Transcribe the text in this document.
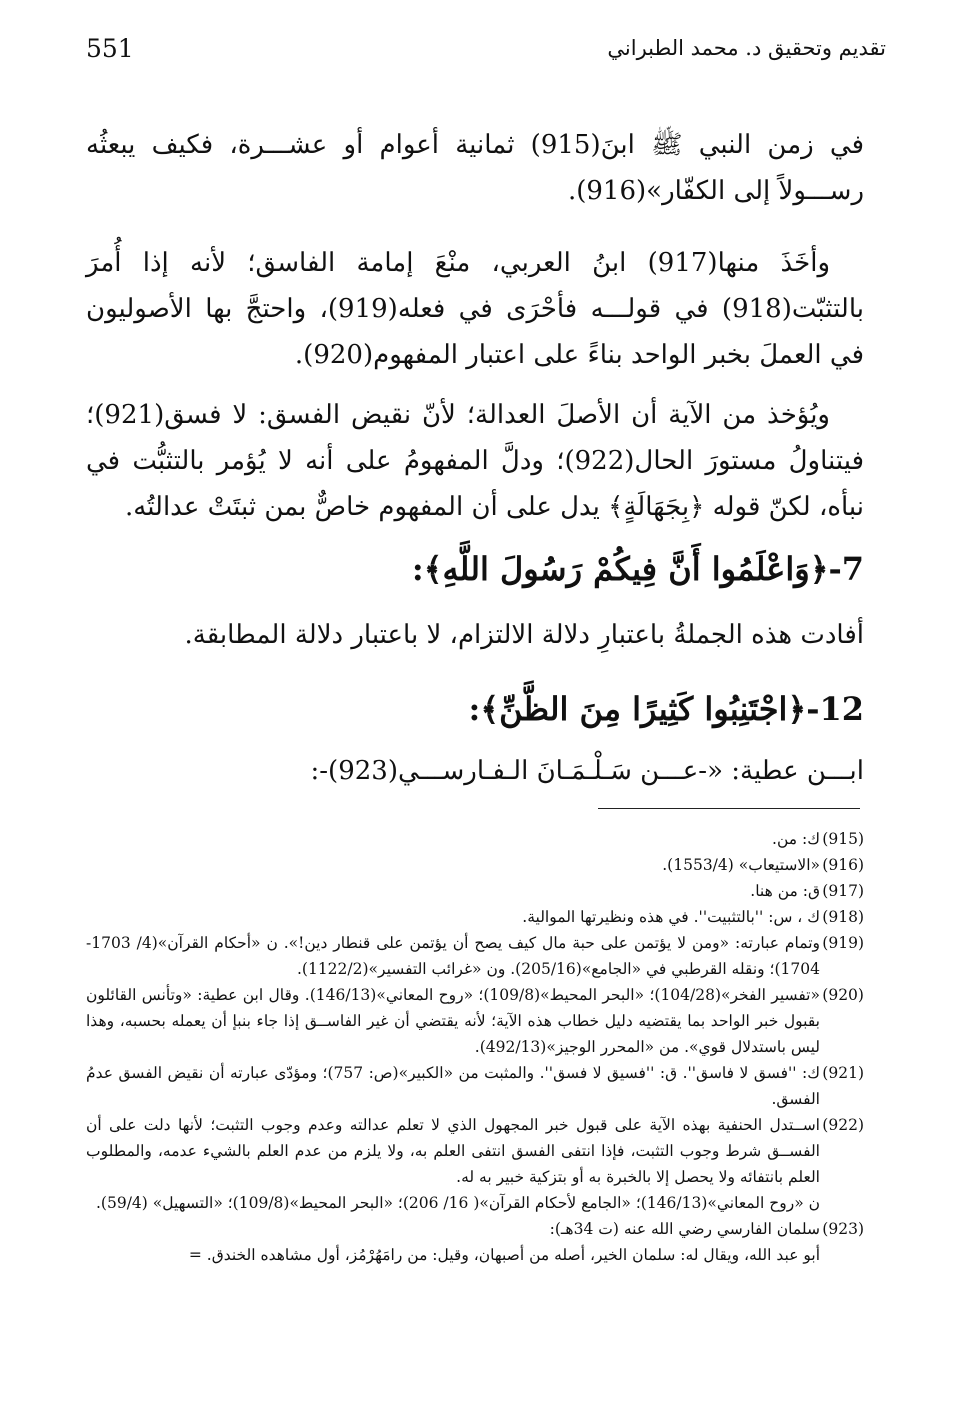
551	تقديم وتحقيق د. محمد الطبراني

في زمن النبي ﷺ ابنَ(915) ثمانية أعوام أو عشـــرة، فكيف يبعثُه رســـولاً إلى الكفّار»(916).

وأخَذَ منها(917) ابنُ العربي، منْعَ إمامة الفاسق؛ لأنه إذا أُمرَ بالتثبّت(918) في قولـــه فأحْرَى في فعله(919)، واحتجَّ بها الأصوليون في العملَ بخبر الواحد بناءً على اعتبار المفهوم(920).

ويُؤخذ من الآية أن الأصلَ العدالة؛ لأنّ نقيض الفسق: لا فسق(921)؛ فيتناولُ مستورَ الحال(922)؛ ودلَّ المفهومُ على أنه لا يُؤمر بالتثبُّت في نبأه، لكنّ قوله ﴿بِجَهَالَةٍ﴾ يدل على أن المفهوم خاصٌّ بمن ثبتَتْ عدالتُه.

7-﴿وَاعْلَمُوا أَنَّ فِيكُمْ رَسُولَ اللَّهِ﴾:

أفادت هذه الجملةُ باعتبارِ دلالة الالتزام، لا باعتبار دلالة المطابقة.

12-﴿اجْتَنِبُوا كَثِيرًا مِنَ الظَّنِّ﴾:

ابـــن عطية: «-عـــن سَـلْـمَـانَ الـفـارســـي(923)-:

(915)ك: من.

(916)«الاستيعاب» (1553/4).

(917)ق: من هنا.

(918)ك ، س: ''بالتثبيت''. في هذه ونظيرتها الموالية.

(919)وتمام عبارته: «ومن لا يؤتمن على حبة مال كيف يصح أن يؤتمن على قنطار دين!». ن «أحكام القرآن»(4/ 1703-1704)؛ ونقله القرطبي في «الجامع»(205/16). ون «غرائب التفسير»(1122/2).

(920)«تفسير الفخر»(104/28)؛ «البحر المحيط»(109/8)؛ «روح المعاني»(146/13). وقال ابن عطية: «وتأنس القائلون بقبول خبر الواحد بما يقتضيه دليل خطاب هذه الآية؛ لأنه يقتضي أن غير الفاســق إذا جاء بنبإ أن يعمله بحسبه، وهذا ليس باستدلال قوي». من «المحرر الوجيز»(492/13).

(921)ك: ''فسق لا فاسق''. ق: ''فسيق لا فسق''. والمثبت من «الكبير»(ص: 757)؛ ومؤدّى عبارته أن نقيض الفسق عدمُ الفسق.

(922)اســتدل الحنفية بهذه الآية على قبول خبر المجهول الذي لا تعلم عدالته وعدم وجوب التثبت؛ لأنها دلت على أن الفســق شرط وجوب التثبت، فإذا انتفى الفسق انتفى العلم به، ولا يلزم من عدم العلم بالشيء عدمه، والمطلوب العلم بانتفائه ولا يحصل إلا بالخبرة به أو بتزكية خبير به له.

ن «روح المعاني»(146/13)؛ «الجامع لأحكام القرآن»( 16/ 206)؛ «البحر المحيط»(109/8)؛ «التسهيل» (59/4).

(923)سلمان الفارسي رضي الله عنه (ت 34هـ):

أبو عبد الله، ويقال له: سلمان الخير، أصله من أصبهان، وقيل: من رامَهُرْمُز، أول مشاهده الخندق. =
